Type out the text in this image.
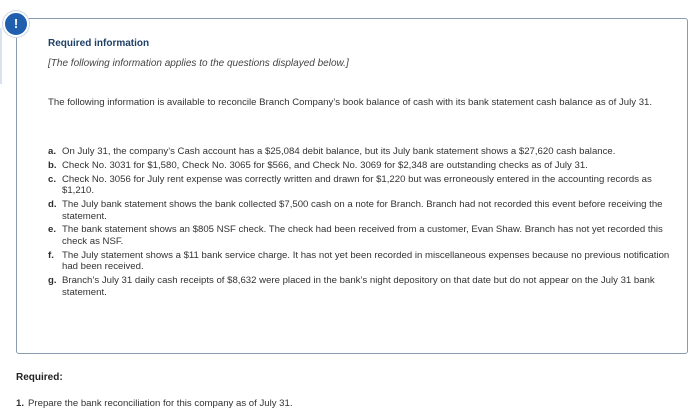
!
Required information
[The following information applies to the questions displayed below.]
The following information is available to reconcile Branch Company’s book balance of cash with its bank statement cash balance as of July 31.
a. On July 31, the company’s Cash account has a $25,084 debit balance, but its July bank statement shows a $27,620 cash balance.
b. Check No. 3031 for $1,580, Check No. 3065 for $566, and Check No. 3069 for $2,348 are outstanding checks as of July 31.
c. Check No. 3056 for July rent expense was correctly written and drawn for $1,220 but was erroneously entered in the accounting records as $1,210.
d. The July bank statement shows the bank collected $7,500 cash on a note for Branch. Branch had not recorded this event before receiving the statement.
e. The bank statement shows an $805 NSF check. The check had been received from a customer, Evan Shaw. Branch has not yet recorded this check as NSF.
f. The July statement shows a $11 bank service charge. It has not yet been recorded in miscellaneous expenses because no previous notification had been received.
g. Branch’s July 31 daily cash receipts of $8,632 were placed in the bank’s night depository on that date but do not appear on the July 31 bank statement.
Required:
1. Prepare the bank reconciliation for this company as of July 31.
